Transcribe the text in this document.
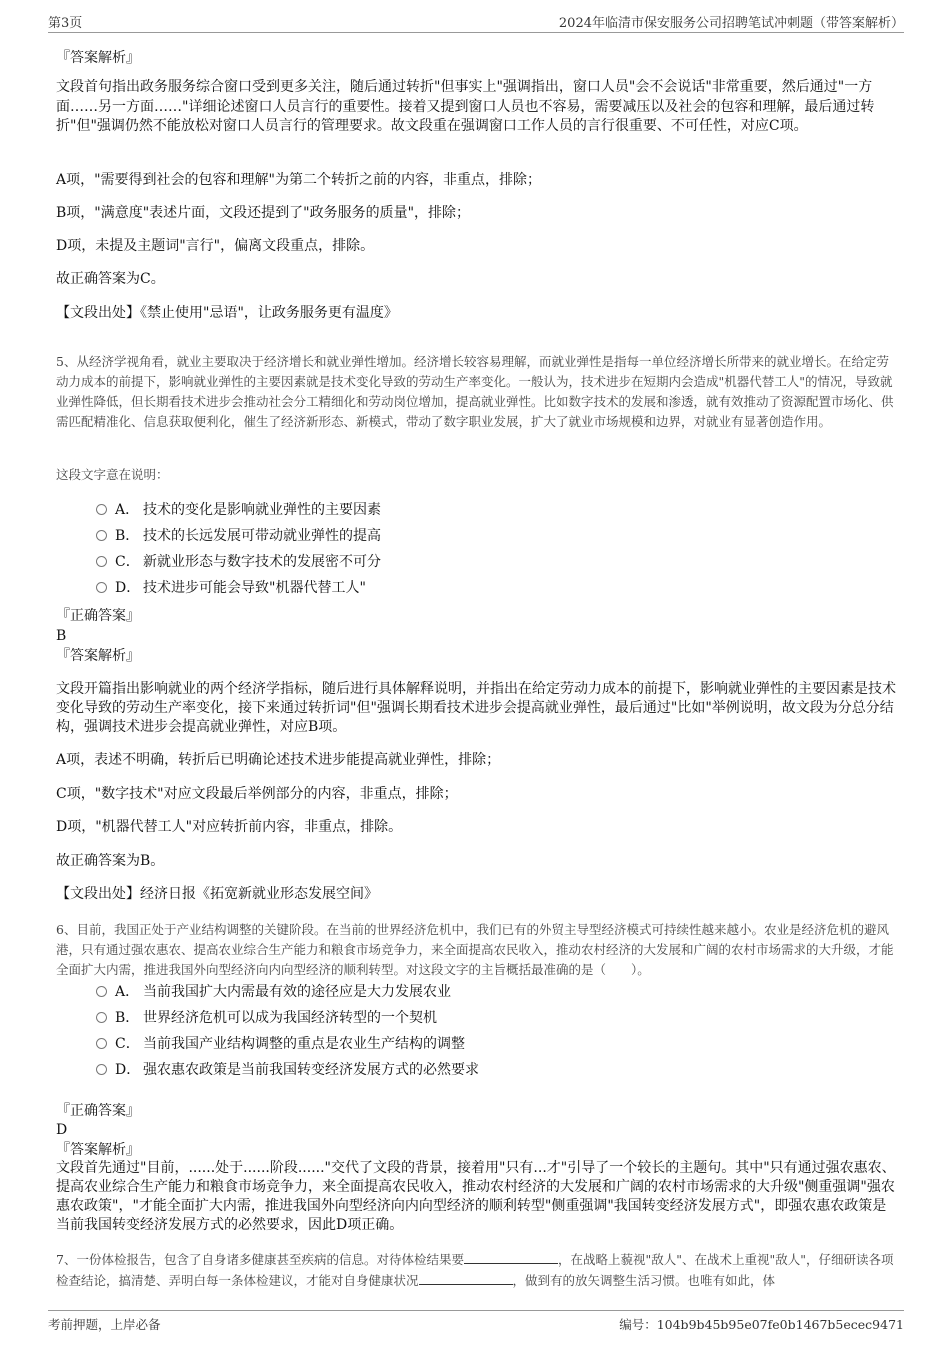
第3页	2024年临清市保安服务公司招聘笔试冲刺题（带答案解析）
『答案解析』
文段首句指出政务服务综合窗口受到更多关注，随后通过转折"但事实上"强调指出，窗口人员"会不会说话"非常重要，然后通过"一方面……另一方面……"详细论述窗口人员言行的重要性。接着又提到窗口人员也不容易，需要减压以及社会的包容和理解，最后通过转折"但"强调仍然不能放松对窗口人员言行的管理要求。故文段重在强调窗口工作人员的言行很重要、不可任性，对应C项。
A项，"需要得到社会的包容和理解"为第二个转折之前的内容，非重点，排除；
B项，"满意度"表述片面，文段还提到了"政务服务的质量"，排除；
D项，未提及主题词"言行"，偏离文段重点，排除。
故正确答案为C。
【文段出处】《禁止使用"忌语"，让政务服务更有温度》
5、从经济学视角看，就业主要取决于经济增长和就业弹性增加。经济增长较容易理解，而就业弹性是指每一单位经济增长所带来的就业增长。在给定劳动力成本的前提下，影响就业弹性的主要因素就是技术变化导致的劳动生产率变化。一般认为，技术进步在短期内会造成"机器代替工人"的情况，导致就业弹性降低，但长期看技术进步会推动社会分工精细化和劳动岗位增加，提高就业弹性。比如数字技术的发展和渗透，就有效推动了资源配置市场化、供需匹配精准化、信息获取便利化，催生了经济新形态、新模式，带动了数字职业发展，扩大了就业市场规模和边界，对就业有显著创造作用。
这段文字意在说明：
A． 技术的变化是影响就业弹性的主要因素
B． 技术的长远发展可带动就业弹性的提高
C． 新就业形态与数字技术的发展密不可分
D． 技术进步可能会导致"机器代替工人"
『正确答案』
B
『答案解析』
文段开篇指出影响就业的两个经济学指标，随后进行具体解释说明，并指出在给定劳动力成本的前提下，影响就业弹性的主要因素是技术变化导致的劳动生产率变化，接下来通过转折词"但"强调长期看技术进步会提高就业弹性，最后通过"比如"举例说明，故文段为分总分结构，强调技术进步会提高就业弹性，对应B项。
A项，表述不明确，转折后已明确论述技术进步能提高就业弹性，排除；
C项，"数字技术"对应文段最后举例部分的内容，非重点，排除；
D项，"机器代替工人"对应转折前内容，非重点，排除。
故正确答案为B。
【文段出处】经济日报《拓宽新就业形态发展空间》
6、目前，我国正处于产业结构调整的关键阶段。在当前的世界经济危机中，我们已有的外贸主导型经济模式可持续性越来越小。农业是经济危机的避风港，只有通过强农惠农、提高农业综合生产能力和粮食市场竞争力，来全面提高农民收入，推动农村经济的大发展和广阔的农村市场需求的大升级，才能全面扩大内需，推进我国外向型经济向内向型经济的顺利转型。对这段文字的主旨概括最准确的是（　　）。
A． 当前我国扩大内需最有效的途径应是大力发展农业
B． 世界经济危机可以成为我国经济转型的一个契机
C． 当前我国产业结构调整的重点是农业生产结构的调整
D． 强农惠农政策是当前我国转变经济发展方式的必然要求
『正确答案』
D
『答案解析』
文段首先通过"目前，......处于......阶段......"交代了文段的背景，接着用"只有...才"引导了一个较长的主题句。其中"只有通过强农惠农、提高农业综合生产能力和粮食市场竞争力，来全面提高农民收入，推动农村经济的大发展和广阔的农村市场需求的大升级"侧重强调"强农惠农政策"，"才能全面扩大内需，推进我国外向型经济向内向型经济的顺利转型"侧重强调"我国转变经济发展方式"，即强农惠农政策是当前我国转变经济发展方式的必然要求，因此D项正确。
7、一份体检报告，包含了自身诸多健康甚至疾病的信息。对待体检结果要	，在战略上藐视"敌人"、在战术上重视"敌人"，仔细研读各项检查结论，搞清楚、弄明白每一条体检建议，才能对自身健康状况	，做到有的放矢调整生活习惯。也唯有如此，体
考前押题，上岸必备	编号：104b9b45b95e07fe0b1467b5ecec9471
